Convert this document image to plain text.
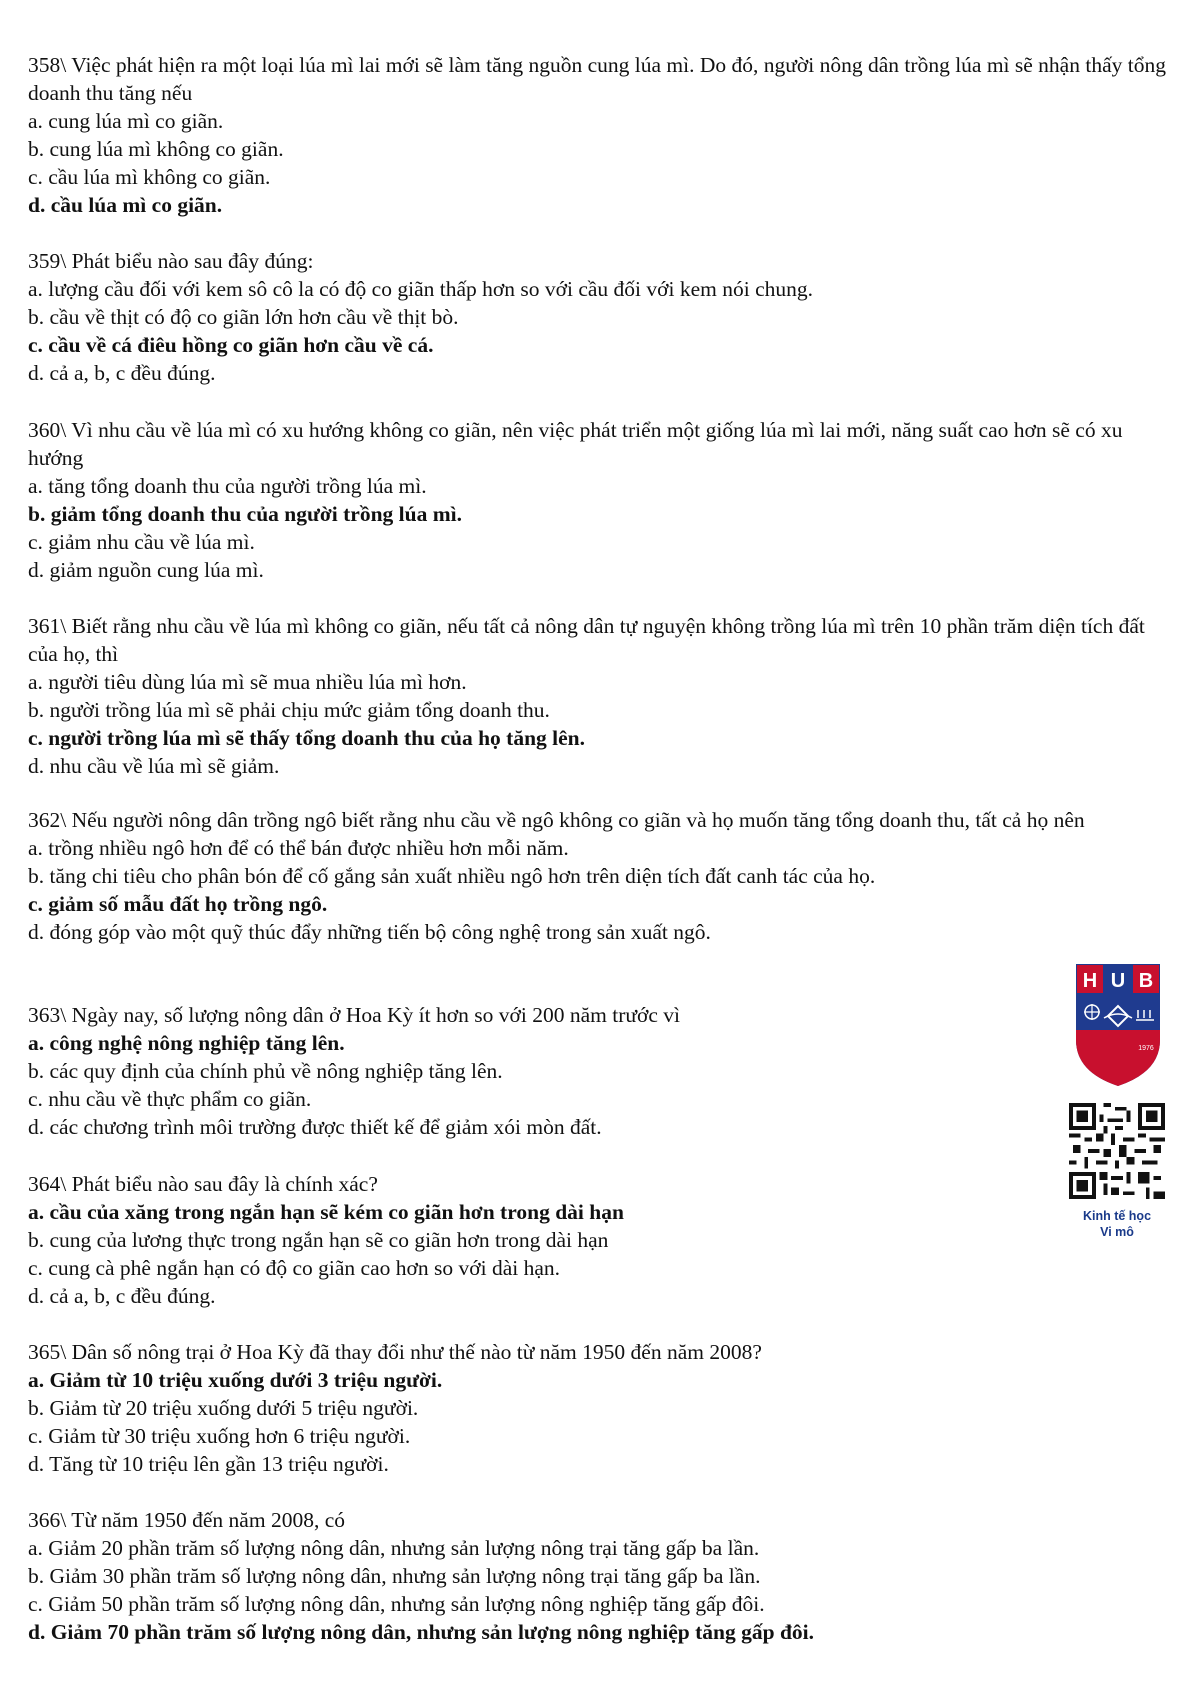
358\ Việc phát hiện ra một loại lúa mì lai mới sẽ làm tăng nguồn cung lúa mì. Do đó, người nông dân trồng lúa mì sẽ nhận thấy tổng doanh thu tăng nếu

a. cung lúa mì co giãn.

b. cung lúa mì không co giãn.

c. cầu lúa mì không co giãn.

d. cầu lúa mì co giãn.

359\ Phát biểu nào sau đây đúng:

a. lượng cầu đối với kem sô cô la có độ co giãn thấp hơn so với cầu đối với kem nói chung.

b. cầu về thịt có độ co giãn lớn hơn cầu về thịt bò.

c. cầu về cá điêu hồng co giãn hơn cầu về cá.

d. cả a, b, c đều đúng.

360\ Vì nhu cầu về lúa mì có xu hướng không co giãn, nên việc phát triển một giống lúa mì lai mới, năng suất cao hơn sẽ có xu hướng

a. tăng tổng doanh thu của người trồng lúa mì.

b. giảm tổng doanh thu của người trồng lúa mì.

c. giảm nhu cầu về lúa mì.

d. giảm nguồn cung lúa mì.

361\ Biết rằng nhu cầu về lúa mì không co giãn, nếu tất cả nông dân tự nguyện không trồng lúa mì trên 10 phần trăm diện tích đất của họ, thì

a. người tiêu dùng lúa mì sẽ mua nhiều lúa mì hơn.

b. người trồng lúa mì sẽ phải chịu mức giảm tổng doanh thu.

c. người trồng lúa mì sẽ thấy tổng doanh thu của họ tăng lên.

d. nhu cầu về lúa mì sẽ giảm.

362\ Nếu người nông dân trồng ngô biết rằng nhu cầu về ngô không co giãn và họ muốn tăng tổng doanh thu, tất cả họ nên

a. trồng nhiều ngô hơn để có thể bán được nhiều hơn mỗi năm.

b. tăng chi tiêu cho phân bón để cố gắng sản xuất nhiều ngô hơn trên diện tích đất canh tác của họ.

c. giảm số mẫu đất họ trồng ngô.

d. đóng góp vào một quỹ thúc đẩy những tiến bộ công nghệ trong sản xuất ngô.

363\ Ngày nay, số lượng nông dân ở Hoa Kỳ ít hơn so với 200 năm trước vì

a. công nghệ nông nghiệp tăng lên.

b. các quy định của chính phủ về nông nghiệp tăng lên.

c. nhu cầu về thực phẩm co giãn.

d. các chương trình môi trường được thiết kế để giảm xói mòn đất.

364\ Phát biểu nào sau đây là chính xác?

a. cầu của xăng trong ngắn hạn sẽ kém co giãn hơn trong dài hạn

b. cung của lương thực trong ngắn hạn sẽ co giãn hơn trong dài hạn

c. cung cà phê ngắn hạn có độ co giãn cao hơn so với dài hạn.

d. cả a, b, c đều đúng.

365\ Dân số nông trại ở Hoa Kỳ đã thay đổi như thế nào từ năm 1950 đến năm 2008?

a. Giảm từ 10 triệu xuống dưới 3 triệu người.

b. Giảm từ 20 triệu xuống dưới 5 triệu người.

c. Giảm từ 30 triệu xuống hơn 6 triệu người.

d. Tăng từ 10 triệu lên gần 13 triệu người.

366\ Từ năm 1950 đến năm 2008, có

a. Giảm 20 phần trăm số lượng nông dân, nhưng sản lượng nông trại tăng gấp ba lần.

b. Giảm 30 phần trăm số lượng nông dân, nhưng sản lượng nông trại tăng gấp ba lần.

c. Giảm 50 phần trăm số lượng nông dân, nhưng sản lượng nông nghiệp tăng gấp đôi.

d. Giảm 70 phần trăm số lượng nông dân, nhưng sản lượng nông nghiệp tăng gấp đôi.

H U B
1976
Kinh tế học
Vi mô
